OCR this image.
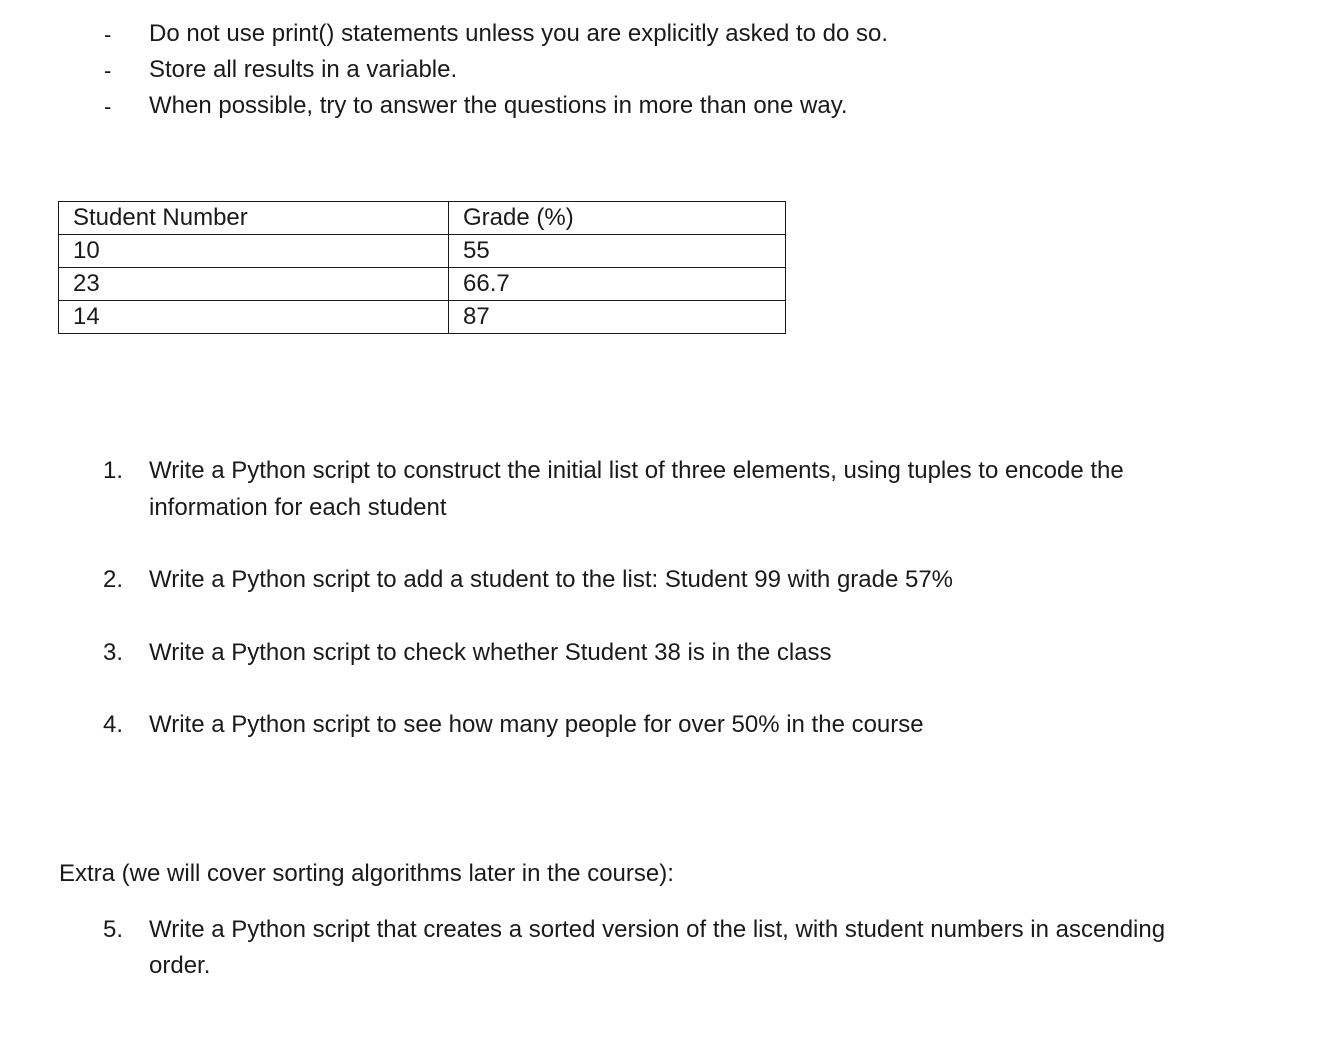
- Do not use print() statements unless you are explicitly asked to do so.
- Store all results in a variable.
- When possible, try to answer the questions in more than one way.
Student Number	Grade (%)
10	55
23	66.7
14	87
1. Write a Python script to construct the initial list of three elements, using tuples to encode the
information for each student
2. Write a Python script to add a student to the list: Student 99 with grade 57%
3. Write a Python script to check whether Student 38 is in the class
4. Write a Python script to see how many people for over 50% in the course
Extra (we will cover sorting algorithms later in the course):
5. Write a Python script that creates a sorted version of the list, with student numbers in ascending
order.
